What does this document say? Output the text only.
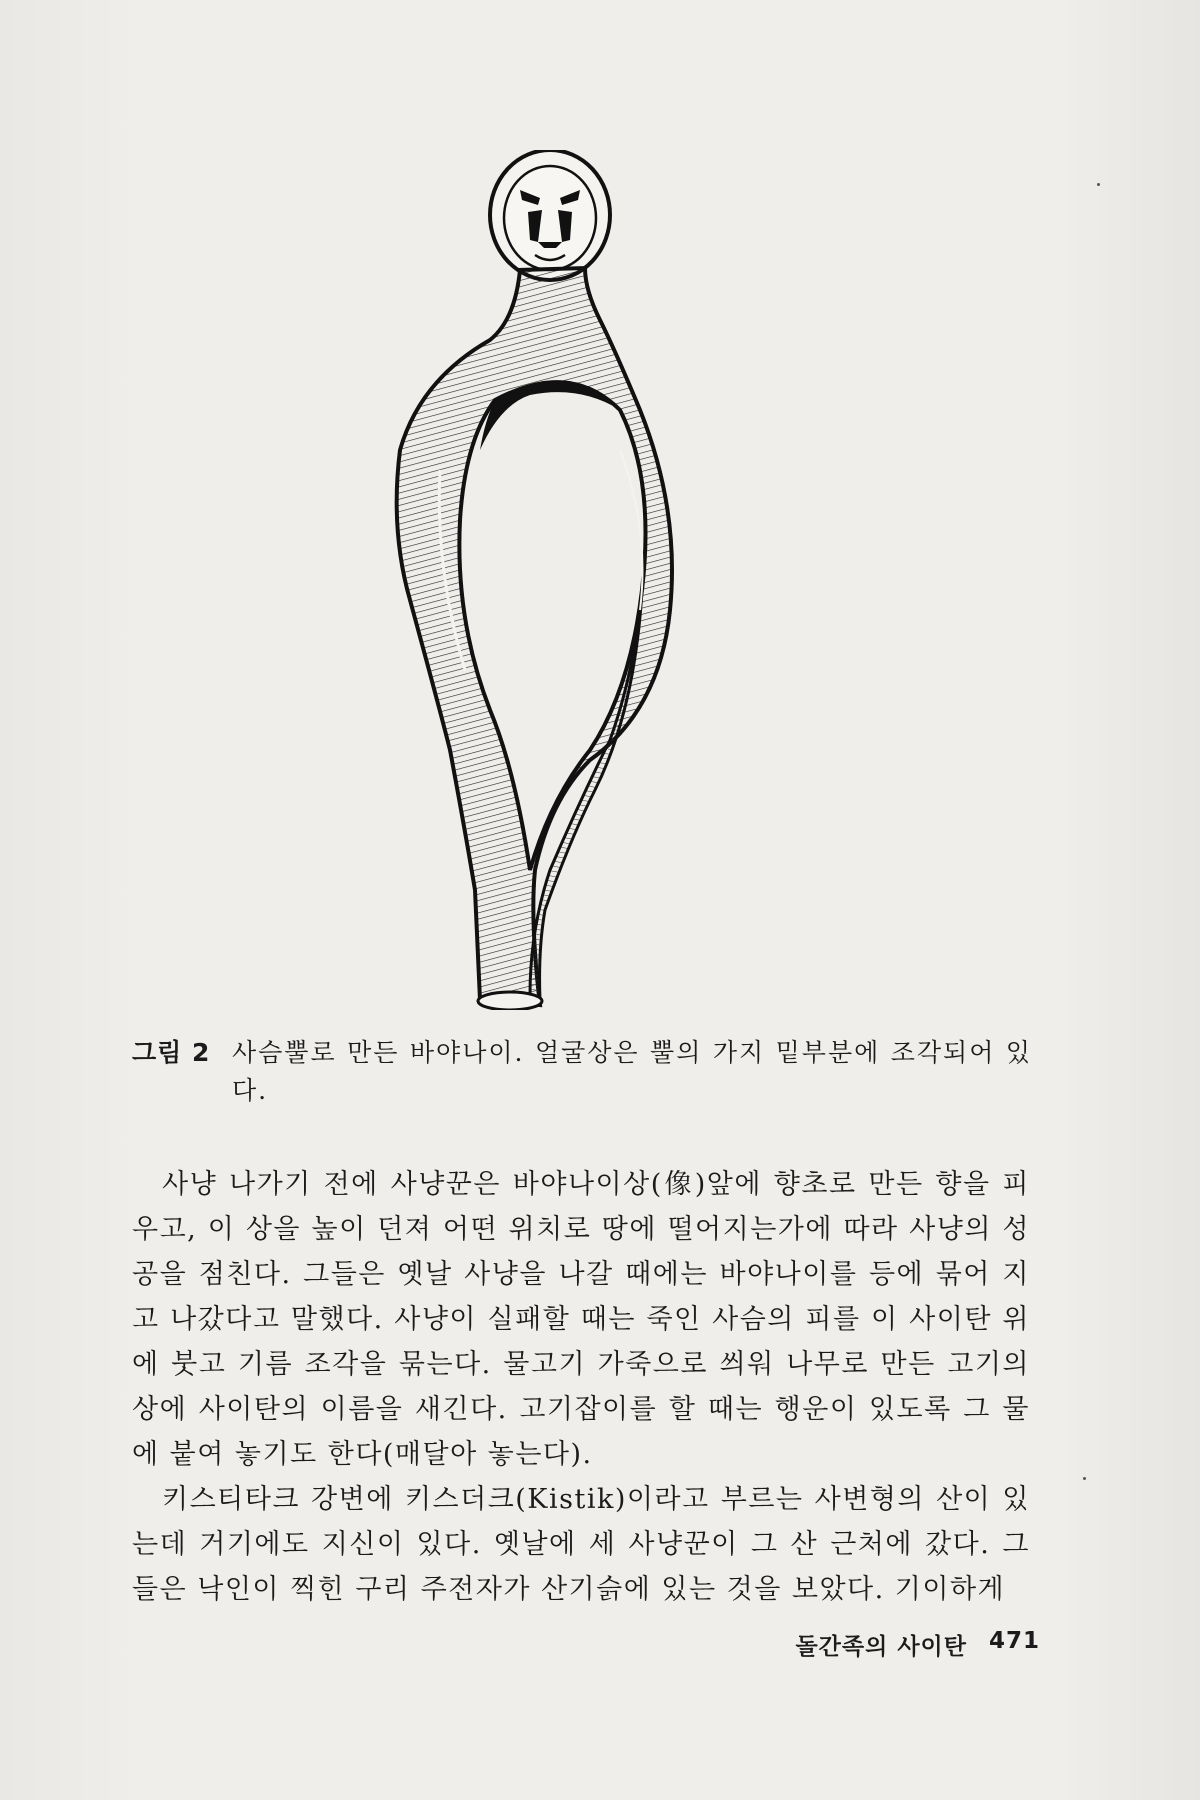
그림 2 사슴뿔로 만든 바야나이. 얼굴상은 뿔의 가지 밑부분에 조각되어 있다.

사냥 나가기 전에 사냥꾼은 바야나이상(像)앞에 향초로 만든 향을 피우고, 이 상을 높이 던져 어떤 위치로 땅에 떨어지는가에 따라 사냥의 성공을 점친다. 그들은 옛날 사냥을 나갈 때에는 바야나이를 등에 묶어 지고 나갔다고 말했다. 사냥이 실패할 때는 죽인 사슴의 피를 이 사이탄 위에 붓고 기름 조각을 묶는다. 물고기 가죽으로 씌워 나무로 만든 고기의 상에 사이탄의 이름을 새긴다. 고기잡이를 할 때는 행운이 있도록 그 물에 붙여 놓기도 한다(매달아 놓는다).

키스티타크 강변에 키스더크(Kistik)이라고 부르는 사변형의 산이 있는데 거기에도 지신이 있다. 옛날에 세 사냥꾼이 그 산 근처에 갔다. 그들은 낙인이 찍힌 구리 주전자가 산기슭에 있는 것을 보았다. 기이하게

돌간족의 사이탄 471
